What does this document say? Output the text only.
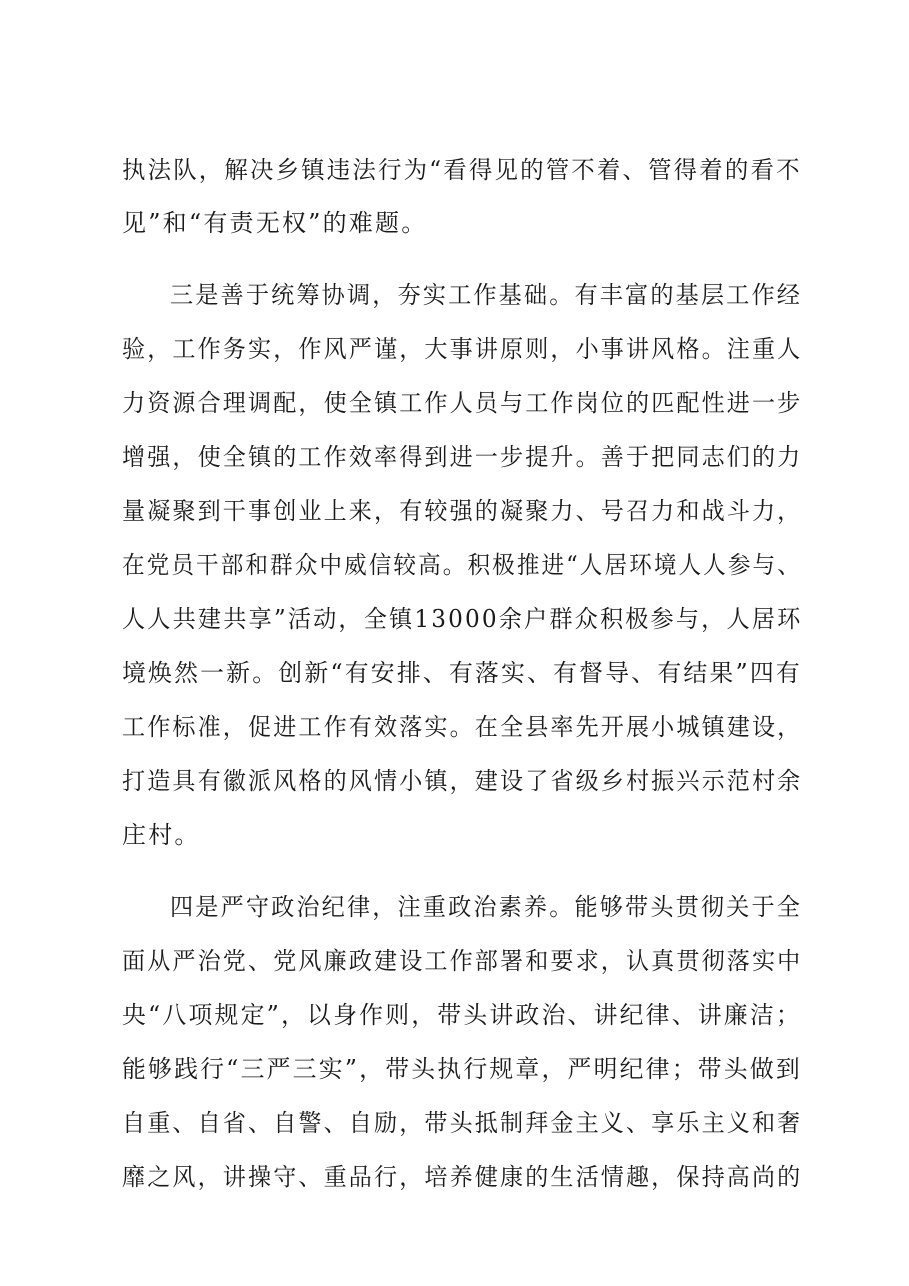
执法队，解决乡镇违法行为“看得见的管不着、管得着的看不
见”和“有责无权”的难题。
三是善于统筹协调，夯实工作基础。有丰富的基层工作经
验，工作务实，作风严谨，大事讲原则，小事讲风格。注重人
力资源合理调配，使全镇工作人员与工作岗位的匹配性进一步
增强，使全镇的工作效率得到进一步提升。善于把同志们的力
量凝聚到干事创业上来，有较强的凝聚力、号召力和战斗力，
在党员干部和群众中威信较高。积极推进“人居环境人人参与、
人人共建共享”活动，全镇13000余户群众积极参与，人居环
境焕然一新。创新“有安排、有落实、有督导、有结果”四有
工作标准，促进工作有效落实。在全县率先开展小城镇建设，
打造具有徽派风格的风情小镇，建设了省级乡村振兴示范村余
庄村。
四是严守政治纪律，注重政治素养。能够带头贯彻关于全
面从严治党、党风廉政建设工作部署和要求，认真贯彻落实中
央“八项规定”，以身作则，带头讲政治、讲纪律、讲廉洁；
能够践行“三严三实”，带头执行规章，严明纪律；带头做到
自重、自省、自警、自励，带头抵制拜金主义、享乐主义和奢
靡之风，讲操守、重品行，培养健康的生活情趣，保持高尚的
